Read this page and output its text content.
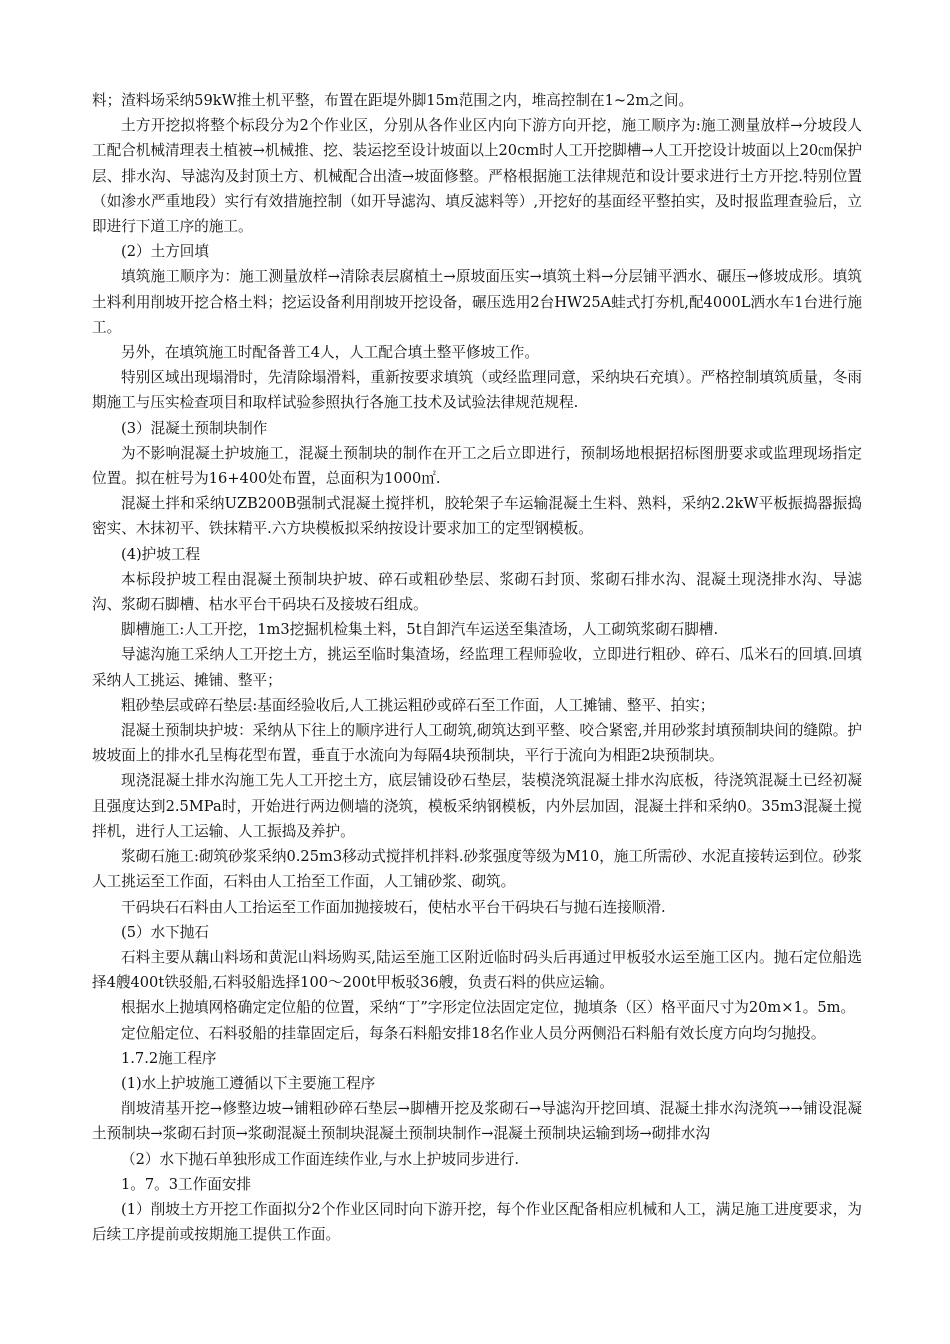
料；渣料场采纳59kW推土机平整，布置在距堤外脚15m范围之内，堆高控制在1~2m之间。

土方开挖拟将整个标段分为2个作业区，分别从各作业区内向下游方向开挖，施工顺序为:施工测量放样→分坡段人工配合机械清理表土植被→机械推、挖、装运挖至设计坡面以上20cm时人工开挖脚槽→人工开挖设计坡面以上20㎝保护层、排水沟、导滤沟及封顶土方、机械配合出渣→坡面修整。严格根据施工法律规范和设计要求进行土方开挖.特别位置（如渗水严重地段）实行有效措施控制（如开导滤沟、填反滤料等）,开挖好的基面经平整拍实，及时报监理查验后，立即进行下道工序的施工。

(2）土方回填

填筑施工顺序为：施工测量放样→清除表层腐植土→原坡面压实→填筑土料→分层铺平洒水、碾压→修坡成形。填筑土料利用削坡开挖合格土料；挖运设备利用削坡开挖设备，碾压选用2台HW25A蛙式打夯机,配4000L洒水车1台进行施工。

另外，在填筑施工时配备普工4人，人工配合填土整平修坡工作。

特别区域出现塌滑时，先清除塌滑料，重新按要求填筑（或经监理同意，采纳块石充填）。严格控制填筑质量，冬雨期施工与压实检查项目和取样试验参照执行各施工技术及试验法律规范规程.

(3）混凝土预制块制作

为不影响混凝土护坡施工，混凝土预制块的制作在开工之后立即进行，预制场地根据招标图册要求或监理现场指定位置。拟在桩号为16+400处布置，总面积为1000㎡.

混凝土拌和采纳UZB200B强制式混凝土搅拌机，胶轮架子车运输混凝土生料、熟料，采纳2.2kW平板振捣器振捣密实、木抹初平、铁抹精平.六方块模板拟采纳按设计要求加工的定型钢模板。

(4)护坡工程

本标段护坡工程由混凝土预制块护坡、碎石或粗砂垫层、浆砌石封顶、浆砌石排水沟、混凝土现浇排水沟、导滤沟、浆砌石脚槽、枯水平台干码块石及接坡石组成。

脚槽施工:人工开挖，1m3挖掘机检集土料，5t自卸汽车运送至集渣场，人工砌筑浆砌石脚槽.

导滤沟施工采纳人工开挖土方，挑运至临时集渣场，经监理工程师验收，立即进行粗砂、碎石、瓜米石的回填.回填采纳人工挑运、摊铺、整平；

粗砂垫层或碎石垫层:基面经验收后,人工挑运粗砂或碎石至工作面，人工摊铺、整平、拍实；

混凝土预制块护坡：采纳从下往上的顺序进行人工砌筑,砌筑达到平整、咬合紧密,并用砂浆封填预制块间的缝隙。护坡坡面上的排水孔呈梅花型布置，垂直于水流向为每隔4块预制块，平行于流向为相距2块预制块。

现浇混凝土排水沟施工先人工开挖土方，底层铺设砂石垫层，装模浇筑混凝土排水沟底板，待浇筑混凝土已经初凝且强度达到2.5MPa时，开始进行两边侧墙的浇筑，模板采纳钢模板，内外层加固，混凝土拌和采纳0。35m3混凝土搅拌机，进行人工运输、人工振捣及养护。

浆砌石施工:砌筑砂浆采纳0.25m3移动式搅拌机拌料.砂浆强度等级为M10，施工所需砂、水泥直接转运到位。砂浆人工挑运至工作面，石料由人工抬至工作面，人工铺砂浆、砌筑。

干码块石石料由人工抬运至工作面加抛接坡石，使枯水平台干码块石与抛石连接顺滑.

(5）水下抛石

石料主要从藕山料场和黄泥山料场购买,陆运至施工区附近临时码头后再通过甲板驳水运至施工区内。抛石定位船选择4艘400t铁驳船,石料驳船选择100～200t甲板驳36艘，负责石料的供应运输。

根据水上抛填网格确定定位船的位置，采纳“丁”字形定位法固定定位，抛填条（区）格平面尺寸为20m×1。5m。

定位船定位、石料驳船的挂靠固定后，每条石料船安排18名作业人员分两侧沿石料船有效长度方向均匀抛投。

1.7.2施工程序

(1)水上护坡施工遵循以下主要施工程序

削坡清基开挖→修整边坡→铺粗砂碎石垫层→脚槽开挖及浆砌石→导滤沟开挖回填、混凝土排水沟浇筑→→铺设混凝土预制块→浆砌石封顶→浆砌混凝土预制块混凝土预制块制作→混凝土预制块运输到场→砌排水沟

（2）水下抛石单独形成工作面连续作业,与水上护坡同步进行.

1。7。3工作面安排

(1）削坡土方开挖工作面拟分2个作业区同时向下游开挖，每个作业区配备相应机械和人工，满足施工进度要求，为后续工序提前或按期施工提供工作面。
